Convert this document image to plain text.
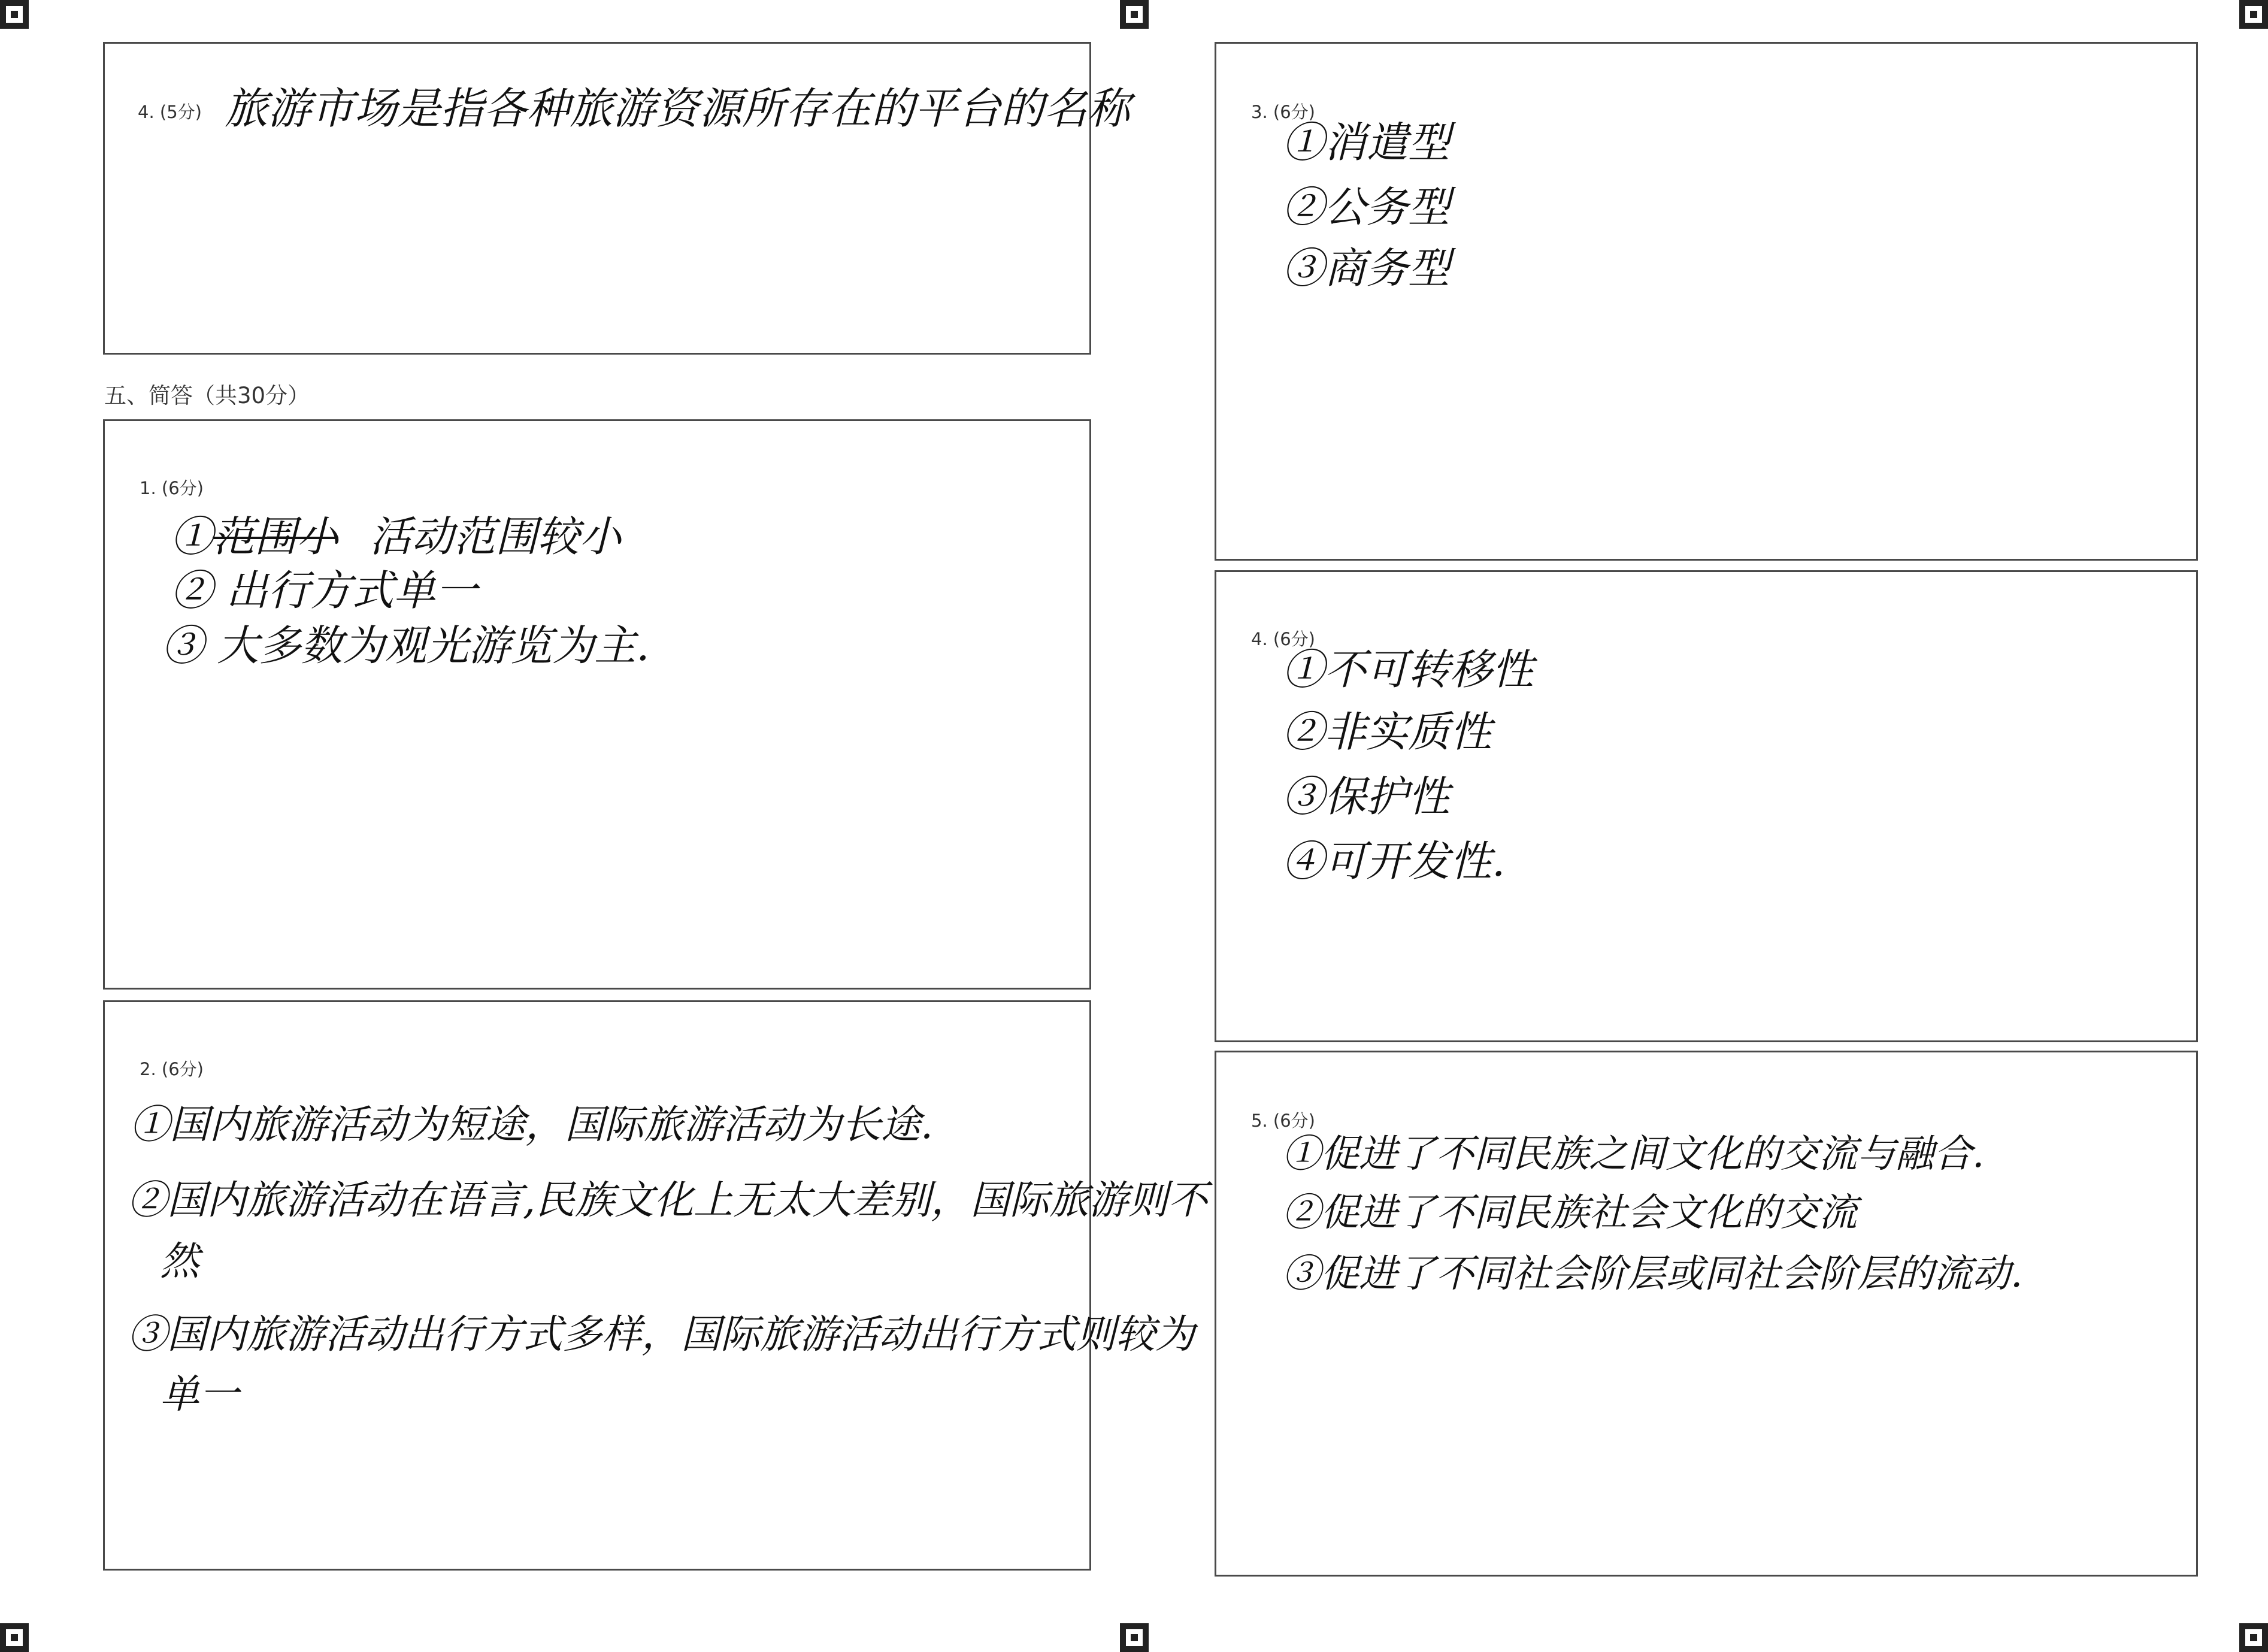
4. (5分) 旅游市场是指各种旅游资源所存在的平台的名称
五、简答（共30分）
1. (6分)
①范围小 活动范围较小
② 出行方式单一
③ 大多数为观光游览为主.
2. (6分)
①国内旅游活动为短途，国际旅游活动为长途.
②国内旅游活动在语言,民族文化上无太大差别，国际旅游则不
然
③国内旅游活动出行方式多样，国际旅游活动出行方式则较为
单一
3. (6分)
①消遣型
②公务型
③商务型
4. (6分)
①不可转移性
②非实质性
③保护性
④可开发性.
5. (6分)
①促进了不同民族之间文化的交流与融合.
②促进了不同民族社会文化的交流
③促进了不同社会阶层或同社会阶层的流动.
